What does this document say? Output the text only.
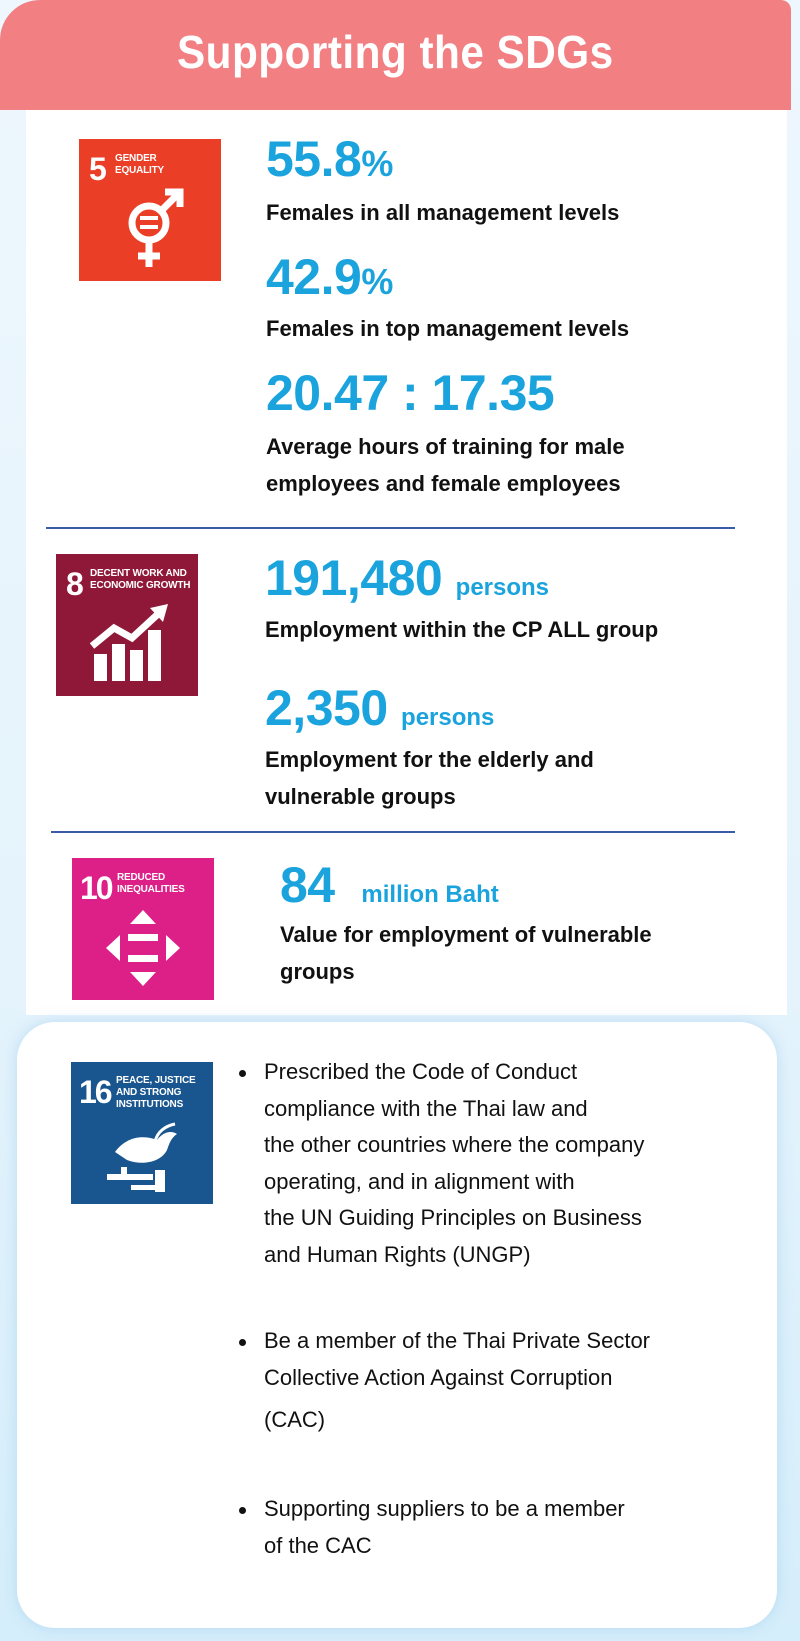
Supporting the SDGs
5 GENDER
EQUALITY 55.8%
Females in all management levels
42.9%
Females in top management levels
20.47 : 17.35
Average hours of training for male
employees and female employees
8 DECENT WORK AND
ECONOMIC GROWTH 191,480 persons
Employment within the CP ALL group
2,350 persons
Employment for the elderly and
vulnerable groups
10 REDUCED
INEQUALITIES 84 million Baht
Value for employment of vulnerable
groups
16 PEACE, JUSTICE
AND STRONG
INSTITUTIONS
Prescribed the Code of Conduct
compliance with the Thai law and
the other countries where the company
operating, and in alignment with
the UN Guiding Principles on Business
and Human Rights (UNGP)
Be a member of the Thai Private Sector
Collective Action Against Corruption
(CAC)
Supporting suppliers to be a member
of the CAC
